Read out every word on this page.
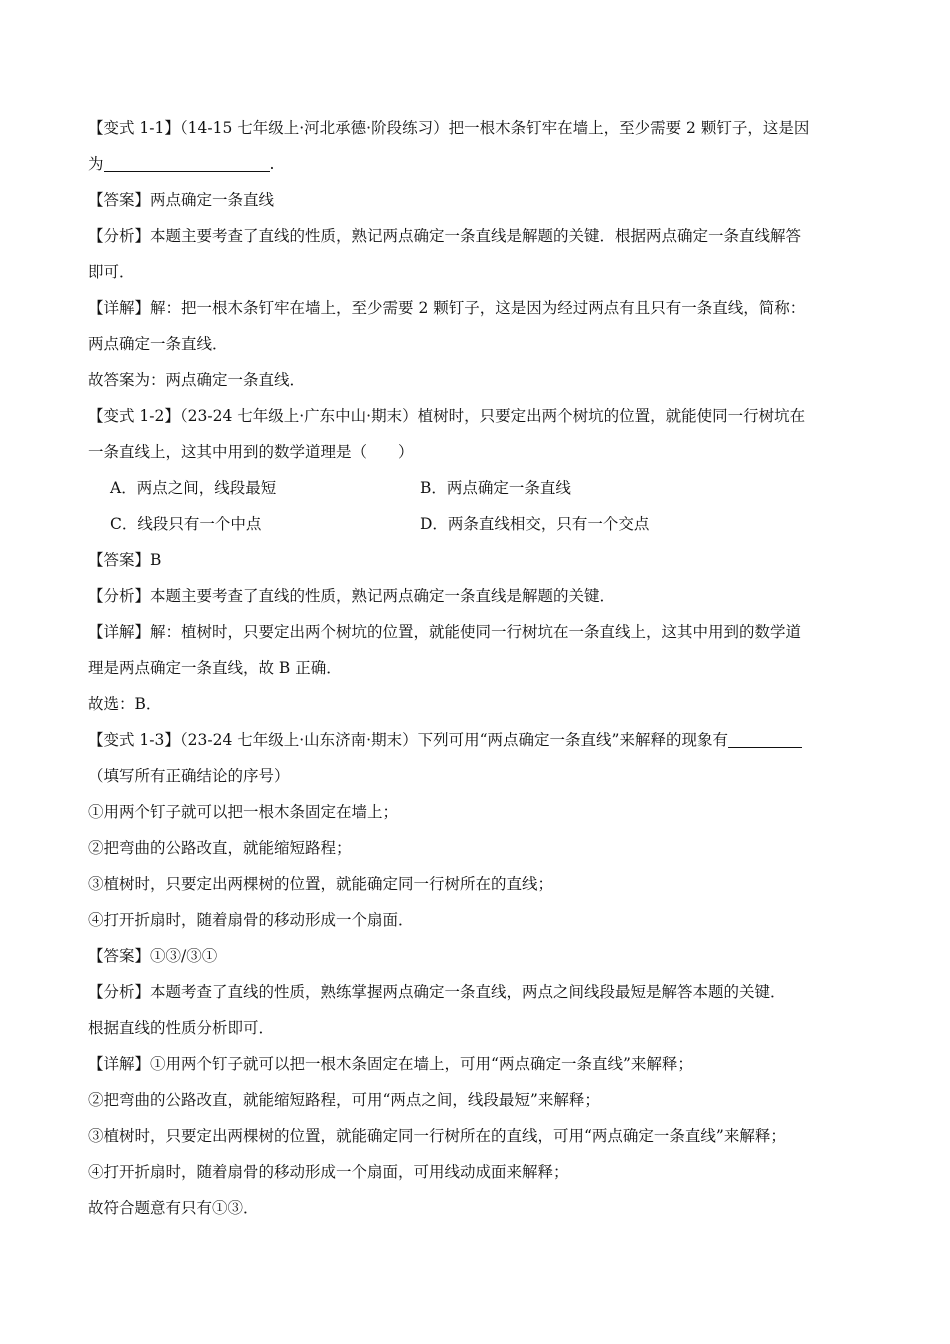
【变式 1-1】（14-15 七年级上·河北承德·阶段练习）把一根木条钉牢在墙上，至少需要 2 颗钉子，这是因
为	.
【答案】两点确定一条直线
【分析】本题主要考查了直线的性质，熟记两点确定一条直线是解题的关键．根据两点确定一条直线解答
即可．
【详解】解：把一根木条钉牢在墙上，至少需要 2 颗钉子，这是因为经过两点有且只有一条直线，简称：
两点确定一条直线．
故答案为：两点确定一条直线．
【变式 1-2】（23-24 七年级上·广东中山·期末）植树时，只要定出两个树坑的位置，就能使同一行树坑在
一条直线上，这其中用到的数学道理是（　　）
A．两点之间，线段最短	B．两点确定一条直线
C．线段只有一个中点	D．两条直线相交，只有一个交点
【答案】B
【分析】本题主要考查了直线的性质，熟记两点确定一条直线是解题的关键．
【详解】解：植树时，只要定出两个树坑的位置，就能使同一行树坑在一条直线上，这其中用到的数学道
理是两点确定一条直线，故 B 正确．
故选：B．
【变式 1-3】（23-24 七年级上·山东济南·期末）下列可用“两点确定一条直线”来解释的现象有
（填写所有正确结论的序号）
①用两个钉子就可以把一根木条固定在墙上；
②把弯曲的公路改直，就能缩短路程；
③植树时，只要定出两棵树的位置，就能确定同一行树所在的直线；
④打开折扇时，随着扇骨的移动形成一个扇面．
【答案】①③/③①
【分析】本题考查了直线的性质，熟练掌握两点确定一条直线，两点之间线段最短是解答本题的关键．
根据直线的性质分析即可．
【详解】①用两个钉子就可以把一根木条固定在墙上，可用“两点确定一条直线”来解释；
②把弯曲的公路改直，就能缩短路程，可用“两点之间，线段最短”来解释；
③植树时，只要定出两棵树的位置，就能确定同一行树所在的直线，可用“两点确定一条直线”来解释；
④打开折扇时，随着扇骨的移动形成一个扇面，可用线动成面来解释；
故符合题意有只有①③．
